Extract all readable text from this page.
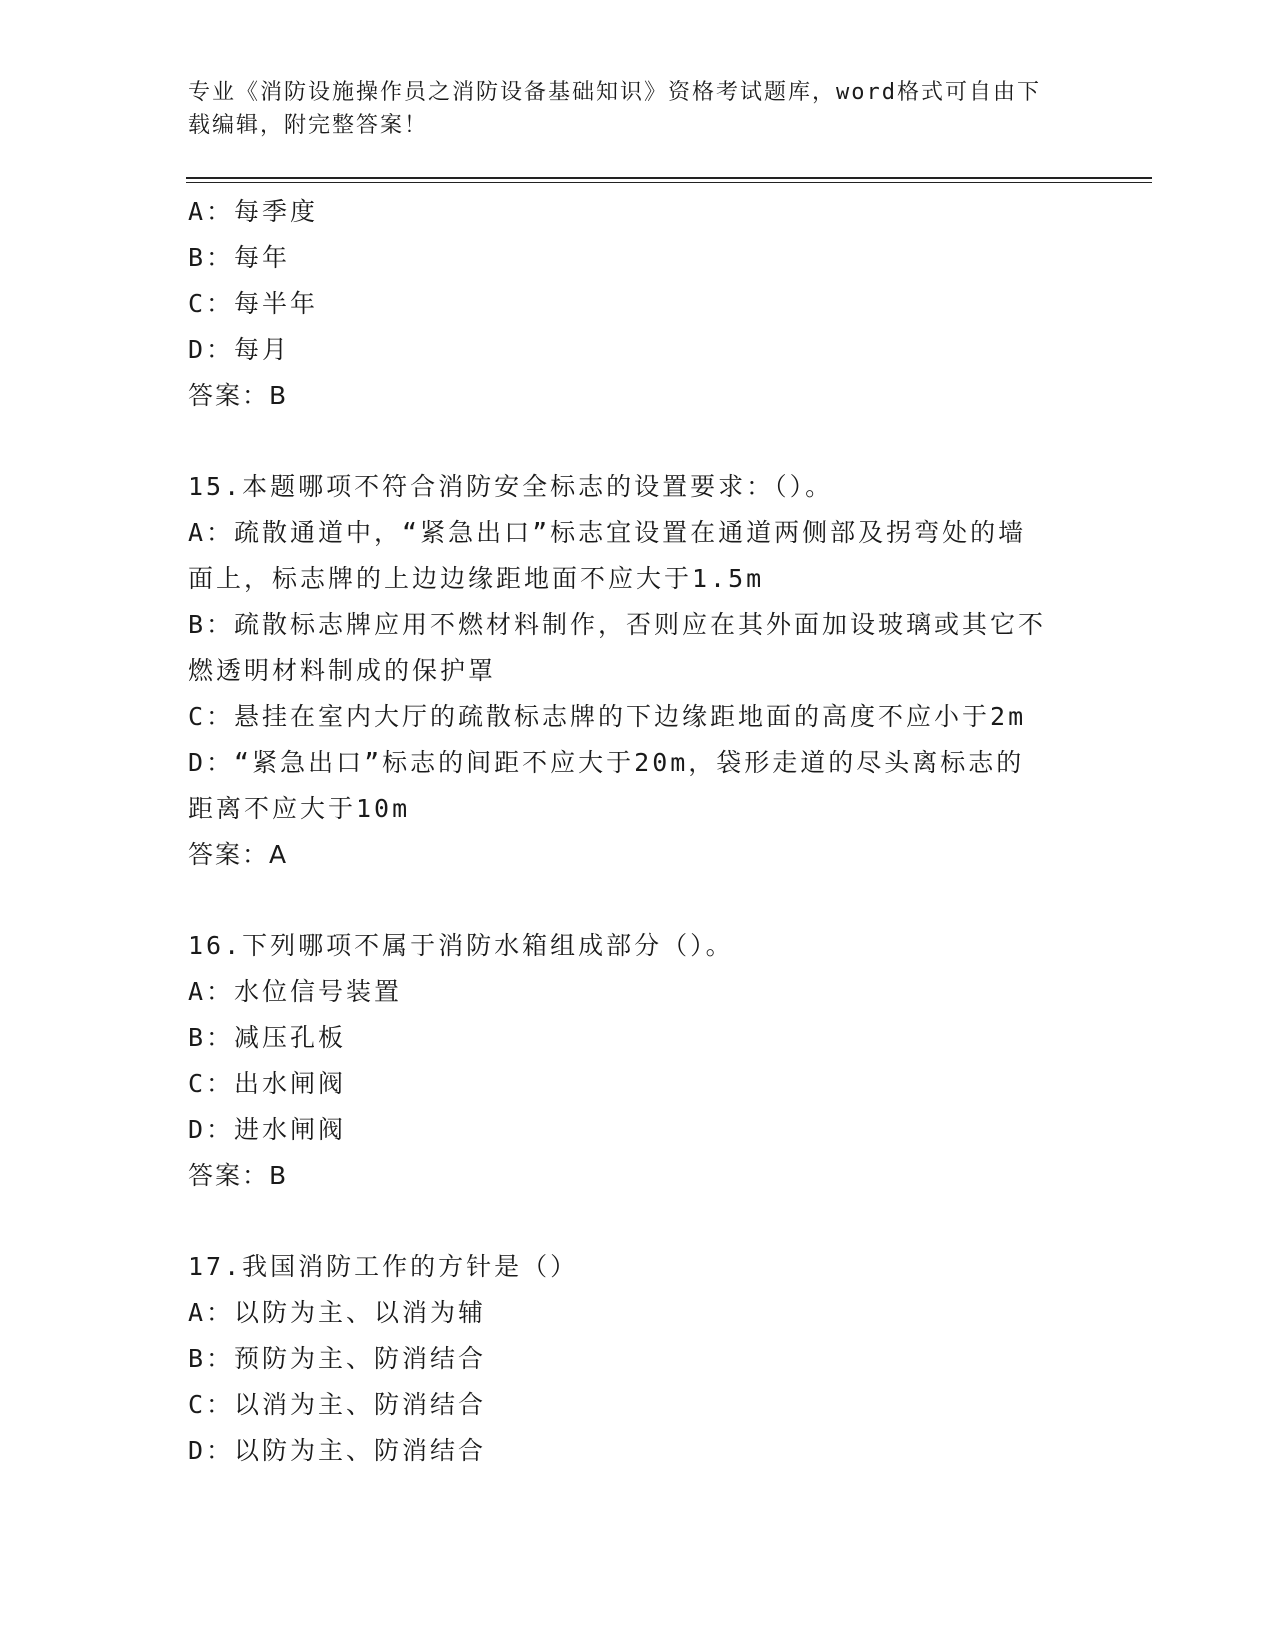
专业《消防设施操作员之消防设备基础知识》资格考试题库，word格式可自由下
载编辑，附完整答案！
A：每季度
B：每年
C：每半年
D：每月
答案：B
15.本题哪项不符合消防安全标志的设置要求：（）。
A：疏散通道中，“紧急出口”标志宜设置在通道两侧部及拐弯处的墙
面上，标志牌的上边边缘距地面不应大于1.5m
B：疏散标志牌应用不燃材料制作，否则应在其外面加设玻璃或其它不
燃透明材料制成的保护罩
C：悬挂在室内大厅的疏散标志牌的下边缘距地面的高度不应小于2m
D：“紧急出口”标志的间距不应大于20m，袋形走道的尽头离标志的
距离不应大于10m
答案：A
16.下列哪项不属于消防水箱组成部分（）。
A：水位信号装置
B：减压孔板
C：出水闸阀
D：进水闸阀
答案：B
17.我国消防工作的方针是（）
A：以防为主、以消为辅
B：预防为主、防消结合
C：以消为主、防消结合
D：以防为主、防消结合
